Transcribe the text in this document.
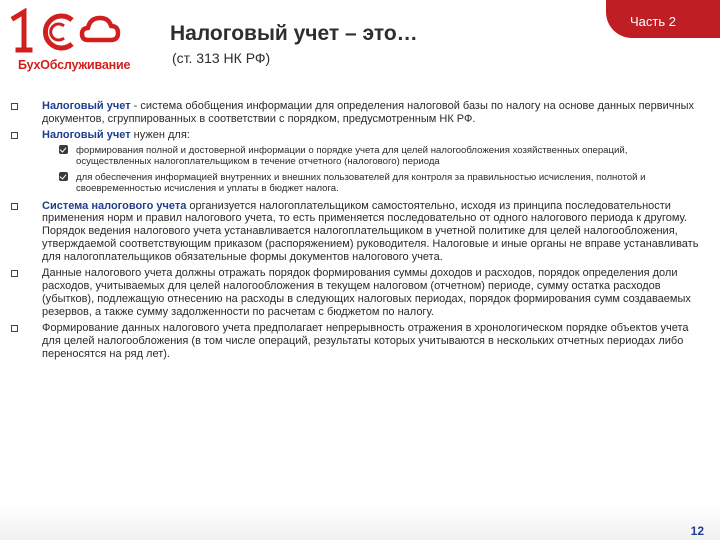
БухОбслуживание
Налоговый учет – это…
(ст. 313 НК РФ)
Часть 2
Налоговый учет - система обобщения информации для определения налоговой базы по налогу на основе данных первичных документов, сгруппированных в соответствии с порядком, предусмотренным НК РФ.
Налоговый учет нужен для:
формирования полной и достоверной информации о порядке учета для целей налогообложения хозяйственных операций, осуществленных налогоплательщиком в течение отчетного (налогового) периода
для обеспечения информацией внутренних и внешних пользователей для контроля за правильностью исчисления, полнотой и своевременностью исчисления и уплаты в бюджет налога.
Система налогового учета организуется налогоплательщиком самостоятельно, исходя из принципа последовательности применения норм и правил налогового учета, то есть применяется последовательно от одного налогового периода к другому. Порядок ведения налогового учета устанавливается налогоплательщиком в учетной политике для целей налогообложения, утверждаемой соответствующим приказом (распоряжением) руководителя. Налоговые и иные органы не вправе устанавливать для налогоплательщиков обязательные формы документов налогового учета.
Данные налогового учета должны отражать порядок формирования суммы доходов и расходов, порядок определения доли расходов, учитываемых для целей налогообложения в текущем налоговом (отчетном) периоде, сумму остатка расходов (убытков), подлежащую отнесению на расходы в следующих налоговых периодах, порядок формирования сумм создаваемых резервов, а также сумму задолженности по расчетам с бюджетом по налогу.
Формирование данных налогового учета предполагает непрерывность отражения в хронологическом порядке объектов учета для целей налогообложения (в том числе операций, результаты которых учитываются в нескольких отчетных периодах либо переносятся на ряд лет).
12
